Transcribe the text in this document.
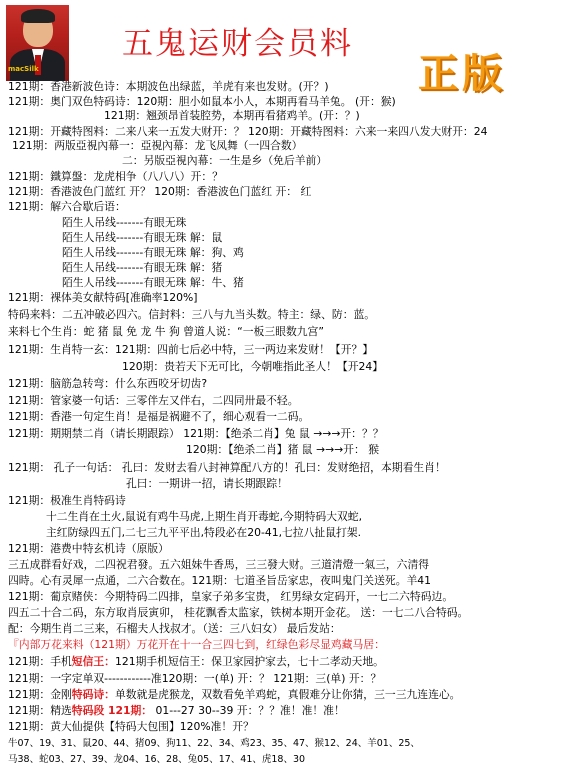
macSilk
五鬼运财会员料
正版
121期：香港新波色诗：本期波色出绿蓝，羊虎有来也发财。(开？)
121期：奥门双色特码诗：120期：胆小如鼠本小人，本期再看马羊兔。 (开：猴)
121期：翘颈昂首装腔势，本期再看猪鸡羊。(开：？)
121期：开藏特图料：二来八来一五发大财开：？ 120期：开藏特图料：六来一来四八发大财开：24
121期：两版亞視內幕一：亞視內幕：龙飞凤舞（一四合数）
二：另版亞視內幕：一生是乡（免后羊前）
121期：鐵算盤：龙虎相争（八八八）开：？
121期：香港波色门蓝红 开？ 120期：香港波色门蓝红 开： 红
121期：解六合歇后语：
陌生人吊线-------有眼无珠
陌生人吊线-------有眼无珠 解：鼠
陌生人吊线-------有眼无珠 解：狗、鸡
陌生人吊线-------有眼无珠 解：猪
陌生人吊线-------有眼无珠 解：牛、猪
121期：裸体美女献特码[准确率120%]
特码来料：二五冲破必四六。信封料：三八与九当头数。特主：绿、防：蓝。
来料七个生肖：蛇 猪 鼠 免 龙 牛 狗 曾道人说：“一板三眼数九宫”
121期：生肖特一玄：121期：四前七后必中特，三一两边来发财！【开？】
120期：贵若天下无可比，今朝唯指此圣人！【开24】
121期：脑筋急转弯：什么东西咬牙切齿?
121期：管家婆一句话：三零伴左又伴右，二四同卅最不轻。
121期：香港一句定生肖！是福是祸避不了，细心观看一二码。
121期：期期禁二肖（请长期跟踪） 121期：【绝杀二肖】兔 鼠 →→→开：？？
120期：【绝杀二肖】猪 鼠 →→→开： 猴
121期： 孔子一句话： 孔曰：发财去看八封神算配八方的！孔曰：发财绝招，本期看生肖！
孔曰：一期讲一招，请长期跟踪！
121期：极准生肖特码诗
十二生肖在土火,鼠说有鸡牛马虎,上期生肖开毒蛇,今期特码大双蛇,
主红防绿四五门,二七三九平平出,特段必在20-41,七拉八扯鼠打架.
121期：港费中特玄机诗（原版）
三五成群看好戏，二四祝君發。五六姐妹牛香馬，三三發大财。三道清燈一氣三，六清得
四時。心有灵犀一点通，二六合数在。121期：七道圣旨岳家忠，夜叫鬼门关送死。羊41
121期：葡京赌侠：今期特码二四排，皇家子弟多宝贵， 红男绿女定码开，一七二六特码边。
四五二十合二码，东方取肖辰寅卯， 桂花飘香太监家，铁树本期开金花。 送：一七二八合特码。
配：今期生肖二三来，石榴夫人找叔才。（送：三八妇女） 最后发站：
『内部万花来料（121期）万花开在十一合三四七到，红绿色彩尽显鸡藏马居：
121期：手机短信王：121期手机短信王：保卫家园护家去，七十二孝动天地。
121期：一字定单双------------准120期：一(单) 开：？ 121期：三(单) 开：？
121期：金刚特码诗：单数就是虎猴龙，双数看免羊鸡蛇，真假难分让你猜，三一三九连连心。
121期：精选特码段 121期： 01---27 30--39 开：？？准！准！准！
121期：黄大仙提供【特码大包围】120%准！开？
牛07、19、31、鼠20、44、猪09、狗11、22、34、鸡23、35、47、猴12、24、羊01、25、
马38、蛇03、27、39、龙04、16、28、兔05、17、41、虎18、30
